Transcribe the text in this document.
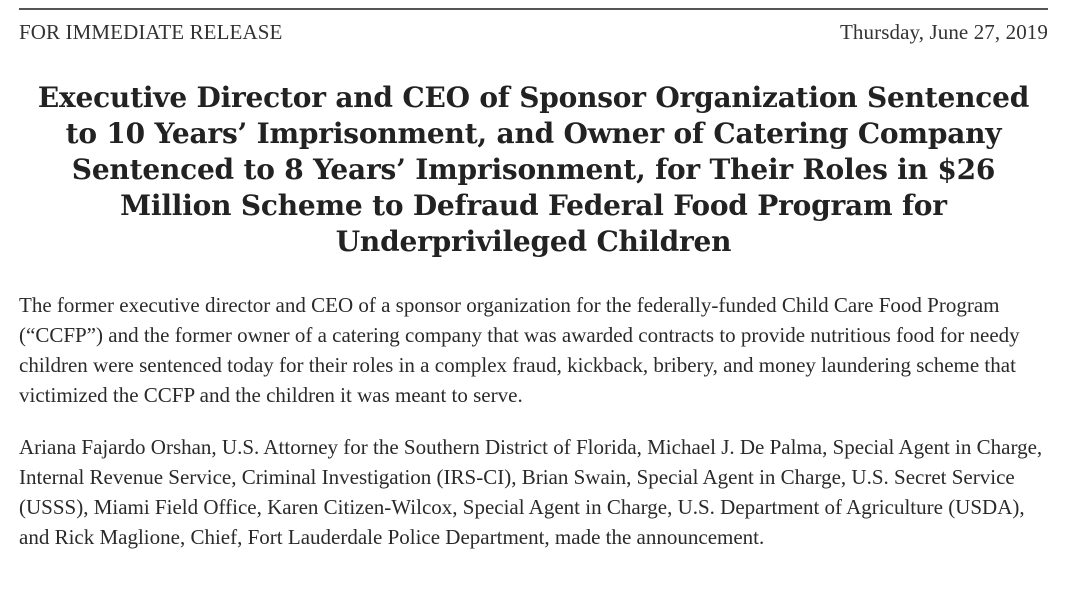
FOR IMMEDIATE RELEASE	Thursday, June 27, 2019
Executive Director and CEO of Sponsor Organization Sentenced to 10 Years’ Imprisonment, and Owner of Catering Company Sentenced to 8 Years’ Imprisonment, for Their Roles in $26 Million Scheme to Defraud Federal Food Program for Underprivileged Children

The former executive director and CEO of a sponsor organization for the federally-funded Child Care Food Program (“CCFP”) and the former owner of a catering company that was awarded contracts to provide nutritious food for needy children were sentenced today for their roles in a complex fraud, kickback, bribery, and money laundering scheme that victimized the CCFP and the children it was meant to serve.

Ariana Fajardo Orshan, U.S. Attorney for the Southern District of Florida, Michael J. De Palma, Special Agent in Charge, Internal Revenue Service, Criminal Investigation (IRS-CI), Brian Swain, Special Agent in Charge, U.S. Secret Service (USSS), Miami Field Office, Karen Citizen-Wilcox, Special Agent in Charge, U.S. Department of Agriculture (USDA), and Rick Maglione, Chief, Fort Lauderdale Police Department, made the announcement.
